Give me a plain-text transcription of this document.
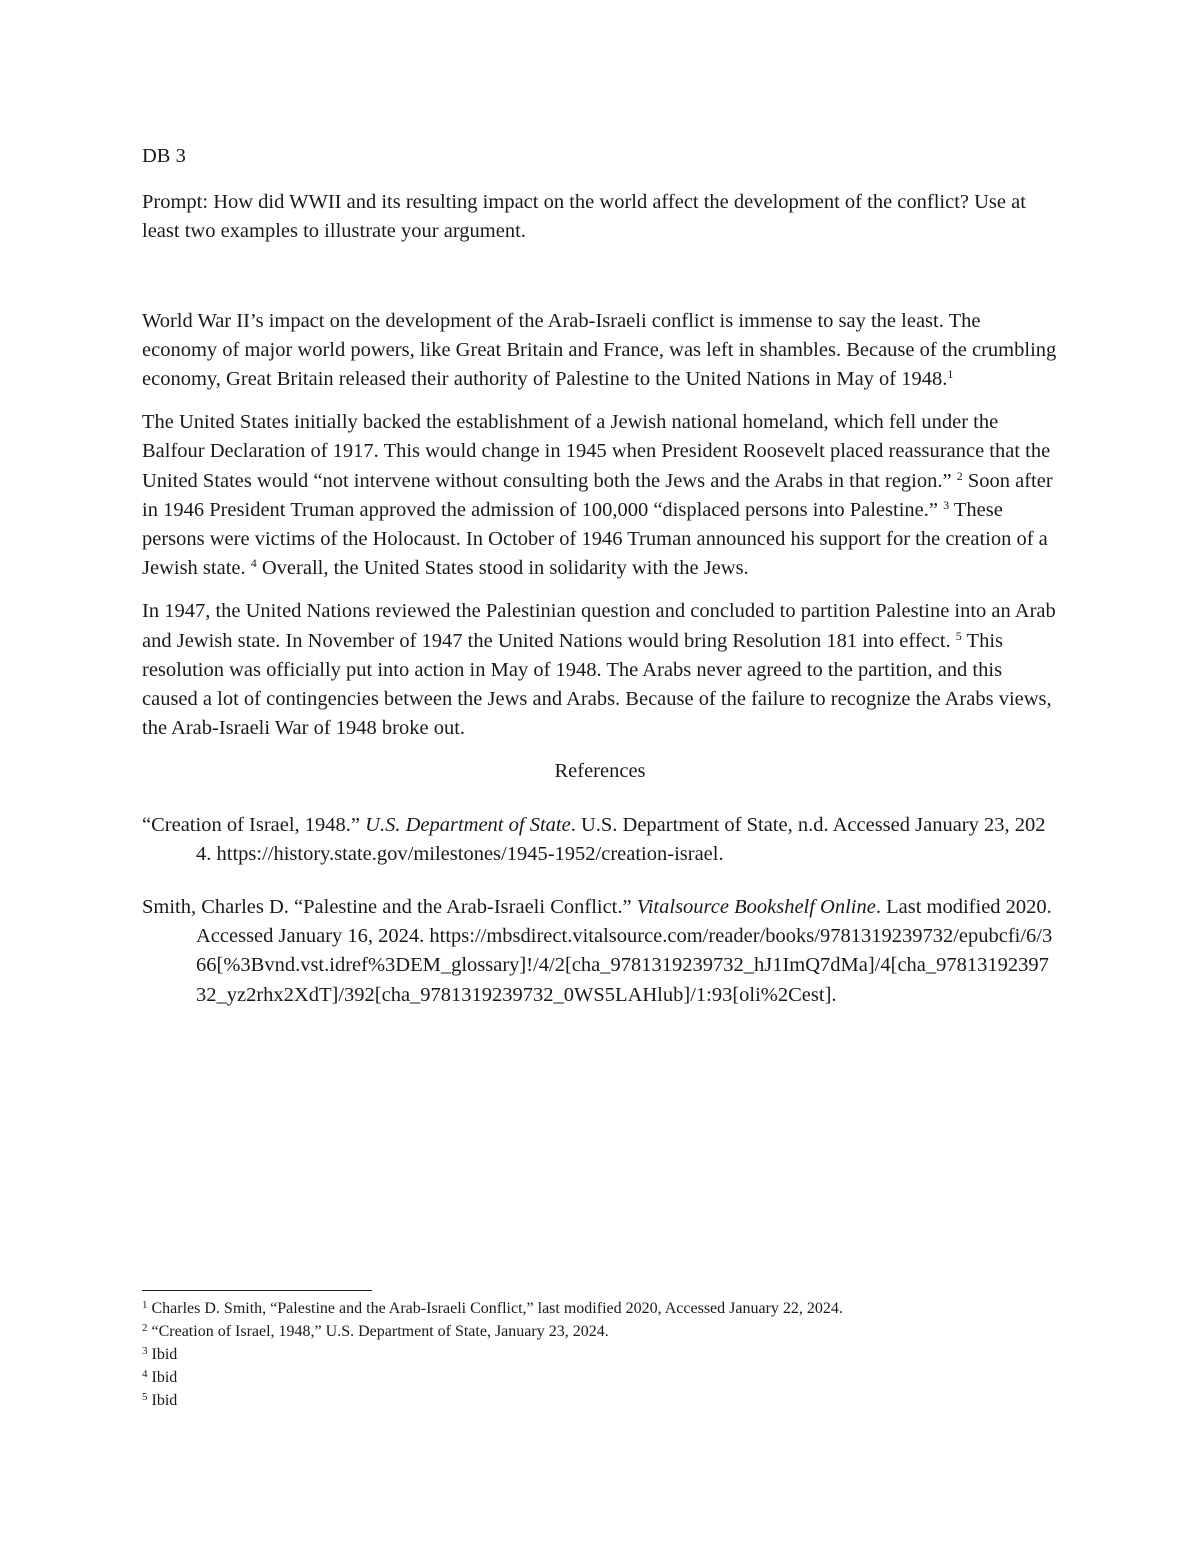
DB 3

Prompt: How did WWII and its resulting impact on the world affect the development of the conflict? Use at least two examples to illustrate your argument.

World War II’s impact on the development of the Arab-Israeli conflict is immense to say the least. The economy of major world powers, like Great Britain and France, was left in shambles. Because of the crumbling economy, Great Britain released their authority of Palestine to the United Nations in May of 1948.$^1$

The United States initially backed the establishment of a Jewish national homeland, which fell under the Balfour Declaration of 1917. This would change in 1945 when President Roosevelt placed reassurance that the United States would “not intervene without consulting both the Jews and the Arabs in that region.” $^2$ Soon after in 1946 President Truman approved the admission of 100,000 “displaced persons into Palestine.” $^3$ These persons were victims of the Holocaust. In October of 1946 Truman announced his support for the creation of a Jewish state. $^4$ Overall, the United States stood in solidarity with the Jews.

In 1947, the United Nations reviewed the Palestinian question and concluded to partition Palestine into an Arab and Jewish state. In November of 1947 the United Nations would bring Resolution 181 into effect. $^5$ This resolution was officially put into action in May of 1948. The Arabs never agreed to the partition, and this caused a lot of contingencies between the Jews and Arabs. Because of the failure to recognize the Arabs views, the Arab-Israeli War of 1948 broke out.

References

“Creation of Israel, 1948.” U.S. Department of State. U.S. Department of State, n.d. Accessed January 23, 2024. https://history.state.gov/milestones/1945-1952/creation-israel.

Smith, Charles D. “Palestine and the Arab-Israeli Conflict.” Vitalsource Bookshelf Online. Last modified 2020. Accessed January 16, 2024. https://mbsdirect.vitalsource.com/reader/books/9781319239732/epubcfi/6/366[%3Bvnd.vst.idref%3DEM_glossary]!/4/2[cha_9781319239732_hJ1ImQ7dMa]/4[cha_9781319239732_yz2rhx2XdT]/392[cha_9781319239732_0WS5LAHlub]/1:93[oli%2Cest].

$^1$ Charles D. Smith, “Palestine and the Arab-Israeli Conflict,” last modified 2020, Accessed January 22, 2024.

$^2$ “Creation of Israel, 1948,” U.S. Department of State, January 23, 2024.

$^3$ Ibid

$^4$ Ibid

$^5$ Ibid
